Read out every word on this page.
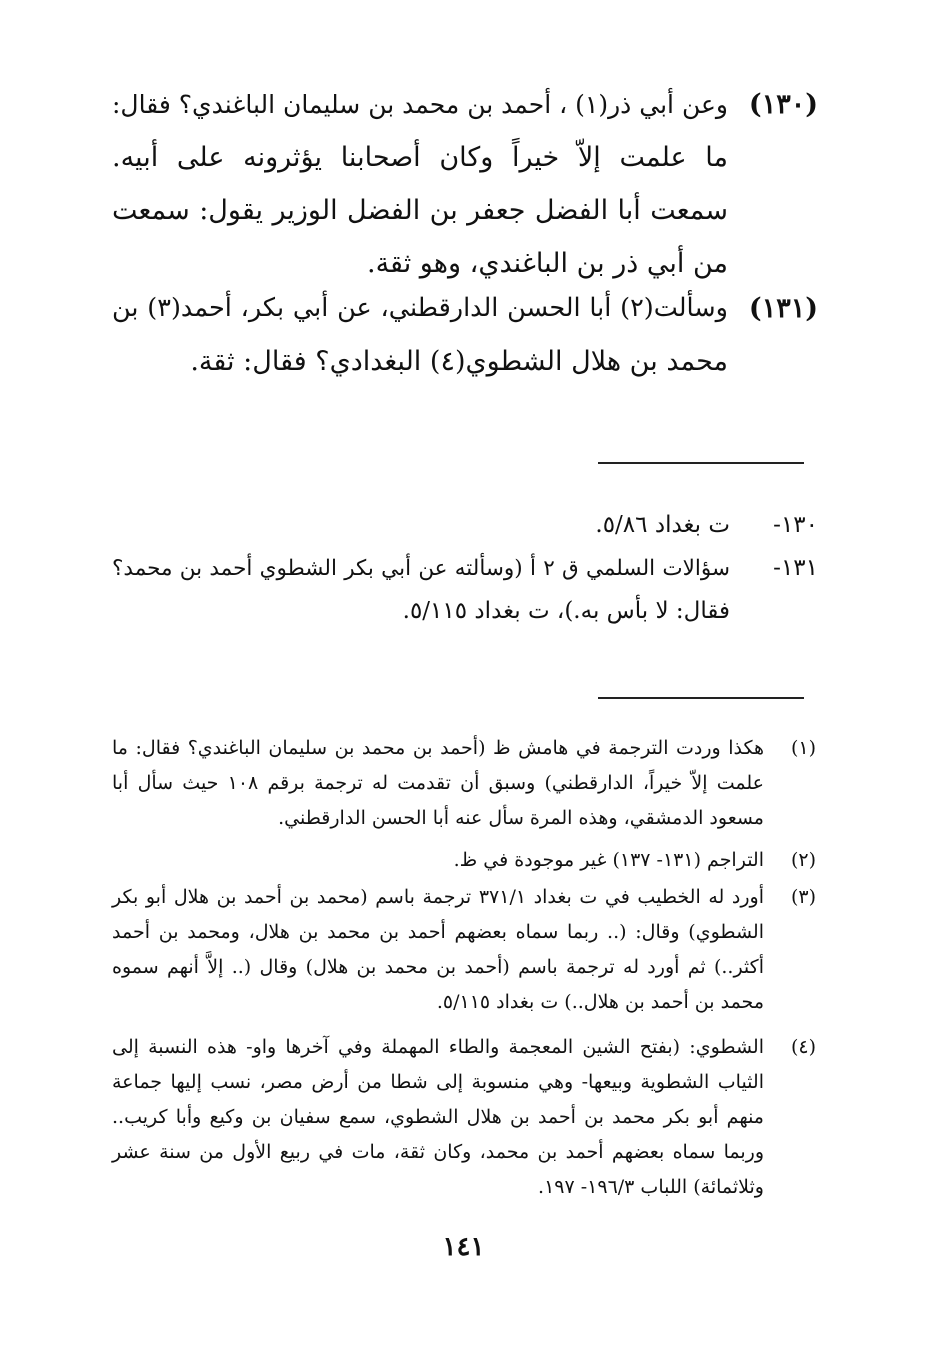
(١٣٠)
وعن أبي ذر(١) ، أحمد بن محمد بن سليمان الباغندي؟ فقال:
ما علمت إلاّ خيراً وكان أصحابنا يؤثرونه على أبيه.
سمعت أبا الفضل جعفر بن الفضل الوزير يقول: سمعت
من أبي ذر بن الباغندي، وهو ثقة.
(١٣١)
وسألت(٢) أبا الحسن الدارقطني، عن أبي بكر، أحمد(٣) بن
محمد بن هلال الشطوي(٤) البغدادي؟ فقال: ثقة.
١٣٠-
ت بغداد ٥/٨٦.
١٣١-
سؤالات السلمي ق ٢ أ (وسألته عن أبي بكر الشطوي أحمد بن محمد؟
فقال: لا بأس به.)، ت بغداد ٥/١١٥.
(١)
هكذا وردت الترجمة في هامش ظ (أحمد بن محمد بن سليمان الباغندي؟ فقال: ما
علمت إلاّ خيراً، الدارقطني) وسبق أن تقدمت له ترجمة برقم ١٠٨ حيث سأل أبا
مسعود الدمشقي، وهذه المرة سأل عنه أبا الحسن الدارقطني.
(٢)
التراجم (١٣١- ١٣٧) غير موجودة في ظ.
(٣)
أورد له الخطيب في ت بغداد ٣٧١/١ ترجمة باسم (محمد بن أحمد بن هلال أبو بكر
الشطوي) وقال: (.. ربما سماه بعضهم أحمد بن محمد بن هلال، ومحمد بن أحمد
أكثر..) ثم أورد له ترجمة باسم (أحمد بن محمد بن هلال) وقال (.. إلاَّ أنهم سموه
محمد بن أحمد بن هلال..) ت بغداد ٥/١١٥.
(٤)
الشطوي: (بفتح الشين المعجمة والطاء المهملة وفي آخرها واو- هذه النسبة إلى
الثياب الشطوية وبيعها- وهي منسوبة إلى شطا من أرض مصر، نسب إليها جماعة
منهم أبو بكر محمد بن أحمد بن هلال الشطوي، سمع سفيان بن وكيع وأبا كريب..
وربما سماه بعضهم أحمد بن محمد، وكان ثقة، مات في ربيع الأول من سنة عشر
وثلاثمائة) اللباب ١٩٦/٣- ١٩٧.
١٤١
